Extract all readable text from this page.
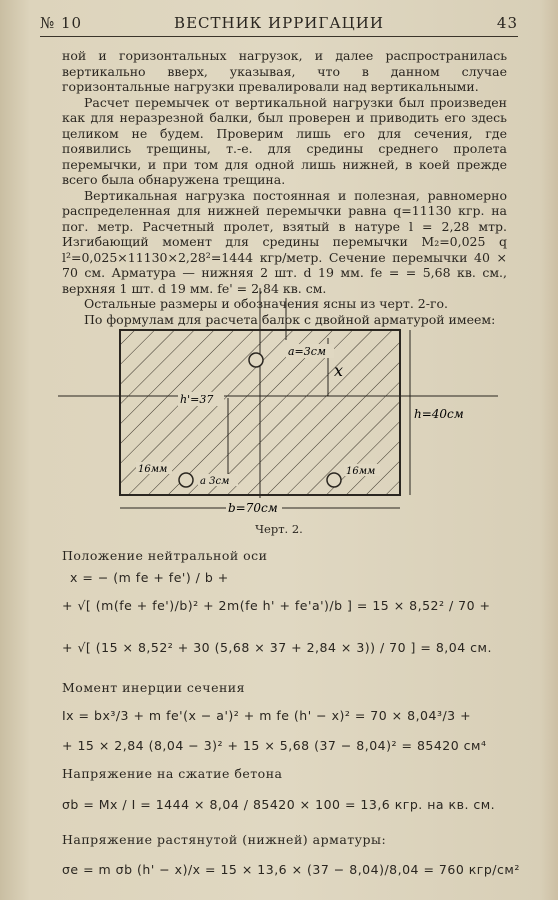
№ 10	ВЕСТНИК ИРРИГАЦИИ	43

ной и горизонтальных нагрузок, и далее распространилась вертикально вверх, указывая, что в данном случае горизонтальные нагрузки превалировали над вертикальными.

Расчет перемычек от вертикальной нагрузки был произведен как для неразрезной балки, был проверен и приводить его здесь целиком не будем. Проверим лишь его для сечения, где появились трещины, т.-е. для средины среднего пролета перемычки, и при том для одной лишь нижней, в коей прежде всего была обнаружена трещина.

Вертикальная нагрузка постоянная и полезная, равномерно распределенная для нижней перемычки равна q=11130 кгр. на пог. метр. Расчетный пролет, взятый в натуре l = 2,28 мтр. Изгибающий момент для средины перемычки M₂=0,025 q l²=0,025×11130×2,28²=1444 кгр/метр. Сечение перемычки 40 × 70 см. Арматура — нижняя 2 шт. d 19 мм. fe = = 5,68 кв. см., верхняя 1 шт. d 19 мм. fe' = 2,84 кв. см.

Остальные размеры и обозначения ясны из черт. 2-го.

По формулам для расчета балок с двойной арматурой имеем:

a=3см
x
h'=37
h=40см
16мм	16мм
a 3см
b=70см
Черт. 2.
Положение нейтральной оси
x = − (m fe + fe') / b +
+ √[ (m(fe + fe')/b)² + 2m(fe h' + fe'a')/b ] = 15 × 8,52² / 70 +
+ √[ (15 × 8,52² + 30 (5,68 × 37 + 2,84 × 3)) / 70 ] = 8,04 см.
Момент инерции сечения
Ix = bx³/3 + m fe'(x − a')² + m fe (h' − x)² = 70 × 8,04³/3 +
+ 15 × 2,84 (8,04 − 3)² + 15 × 5,68 (37 − 8,04)² = 85420 см⁴
Напряжение на сжатие бетона
σb = Mx / I = 1444 × 8,04 / 85420 × 100 = 13,6 кгр. на кв. см.
Напряжение растянутой (нижней) арматуры:
σe = m σb (h' − x)/x = 15 × 13,6 × (37 − 8,04)/8,04 = 760 кгр/см²
